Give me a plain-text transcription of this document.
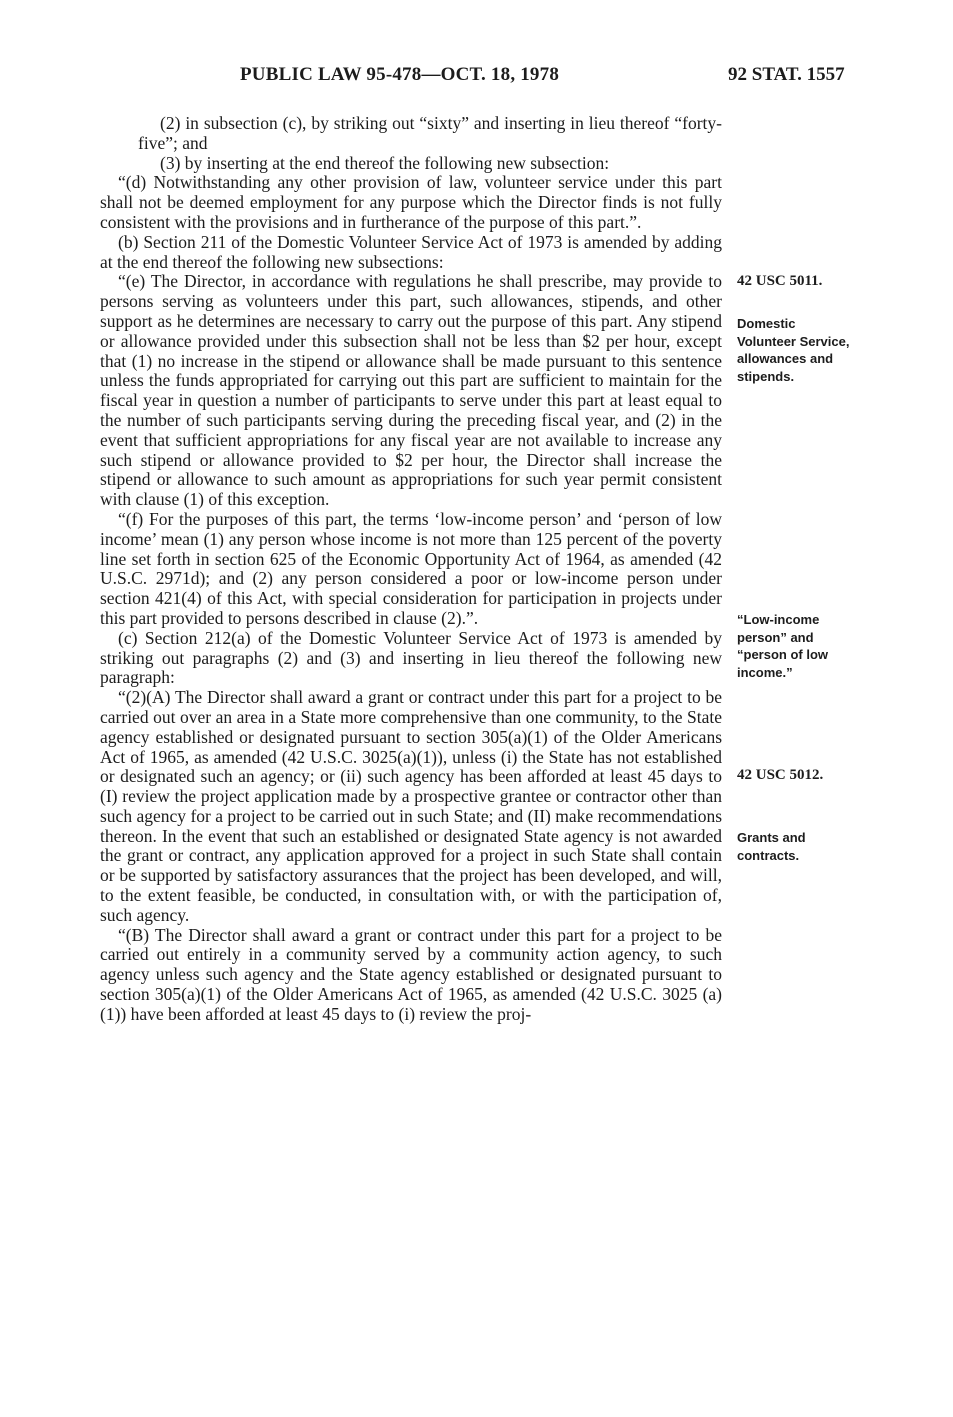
PUBLIC LAW 95-478—OCT. 18, 1978	92 STAT. 1557

(2) in subsection (c), by striking out “sixty” and inserting in lieu thereof “forty-five”; and

(3) by inserting at the end thereof the following new subsection:

“(d) Notwithstanding any other provision of law, volunteer service under this part shall not be deemed employment for any purpose which the Director finds is not fully consistent with the provisions and in furtherance of the purpose of this part.”.

(b) Section 211 of the Domestic Volunteer Service Act of 1973 is amended by adding at the end thereof the following new subsections:

“(e) The Director, in accordance with regulations he shall prescribe, may provide to persons serving as volunteers under this part, such allowances, stipends, and other support as he determines are necessary to carry out the purpose of this part. Any stipend or allowance provided under this subsection shall not be less than $2 per hour, except that (1) no increase in the stipend or allowance shall be made pursuant to this sentence unless the funds appropriated for carrying out this part are sufficient to maintain for the fiscal year in question a number of participants to serve under this part at least equal to the number of such participants serving during the preceding fiscal year, and (2) in the event that sufficient appropriations for any fiscal year are not available to increase any such stipend or allowance provided to $2 per hour, the Director shall increase the stipend or allowance to such amount as appropriations for such year permit consistent with clause (1) of this exception.

“(f) For the purposes of this part, the terms ‘low-income person’ and ‘person of low income’ mean (1) any person whose income is not more than 125 percent of the poverty line set forth in section 625 of the Economic Opportunity Act of 1964, as amended (42 U.S.C. 2971d); and (2) any person considered a poor or low-income person under section 421(4) of this Act, with special consideration for participation in projects under this part provided to persons described in clause (2).”.

(c) Section 212(a) of the Domestic Volunteer Service Act of 1973 is amended by striking out paragraphs (2) and (3) and inserting in lieu thereof the following new paragraph:

“(2)(A) The Director shall award a grant or contract under this part for a project to be carried out over an area in a State more comprehensive than one community, to the State agency established or designated pursuant to section 305(a)(1) of the Older Americans Act of 1965, as amended (42 U.S.C. 3025(a)(1)), unless (i) the State has not established or designated such an agency; or (ii) such agency has been afforded at least 45 days to (I) review the project application made by a prospective grantee or contractor other than such agency for a project to be carried out in such State; and (II) make recommendations thereon. In the event that such an established or designated State agency is not awarded the grant or contract, any application approved for a project in such State shall contain or be supported by satisfactory assurances that the project has been developed, and will, to the extent feasible, be conducted, in consultation with, or with the participation of, such agency.

“(B) The Director shall award a grant or contract under this part for a project to be carried out entirely in a community served by a community action agency, to such agency unless such agency and the State agency established or designated pursuant to section 305(a)(1) of the Older Americans Act of 1965, as amended (42 U.S.C. 3025 (a)(1)) have been afforded at least 45 days to (i) review the proj-

42 USC 5011.
Domestic Volunteer Service, allowances and stipends.
“Low-income person” and “person of low income.”
42 USC 5012.
Grants and contracts.
